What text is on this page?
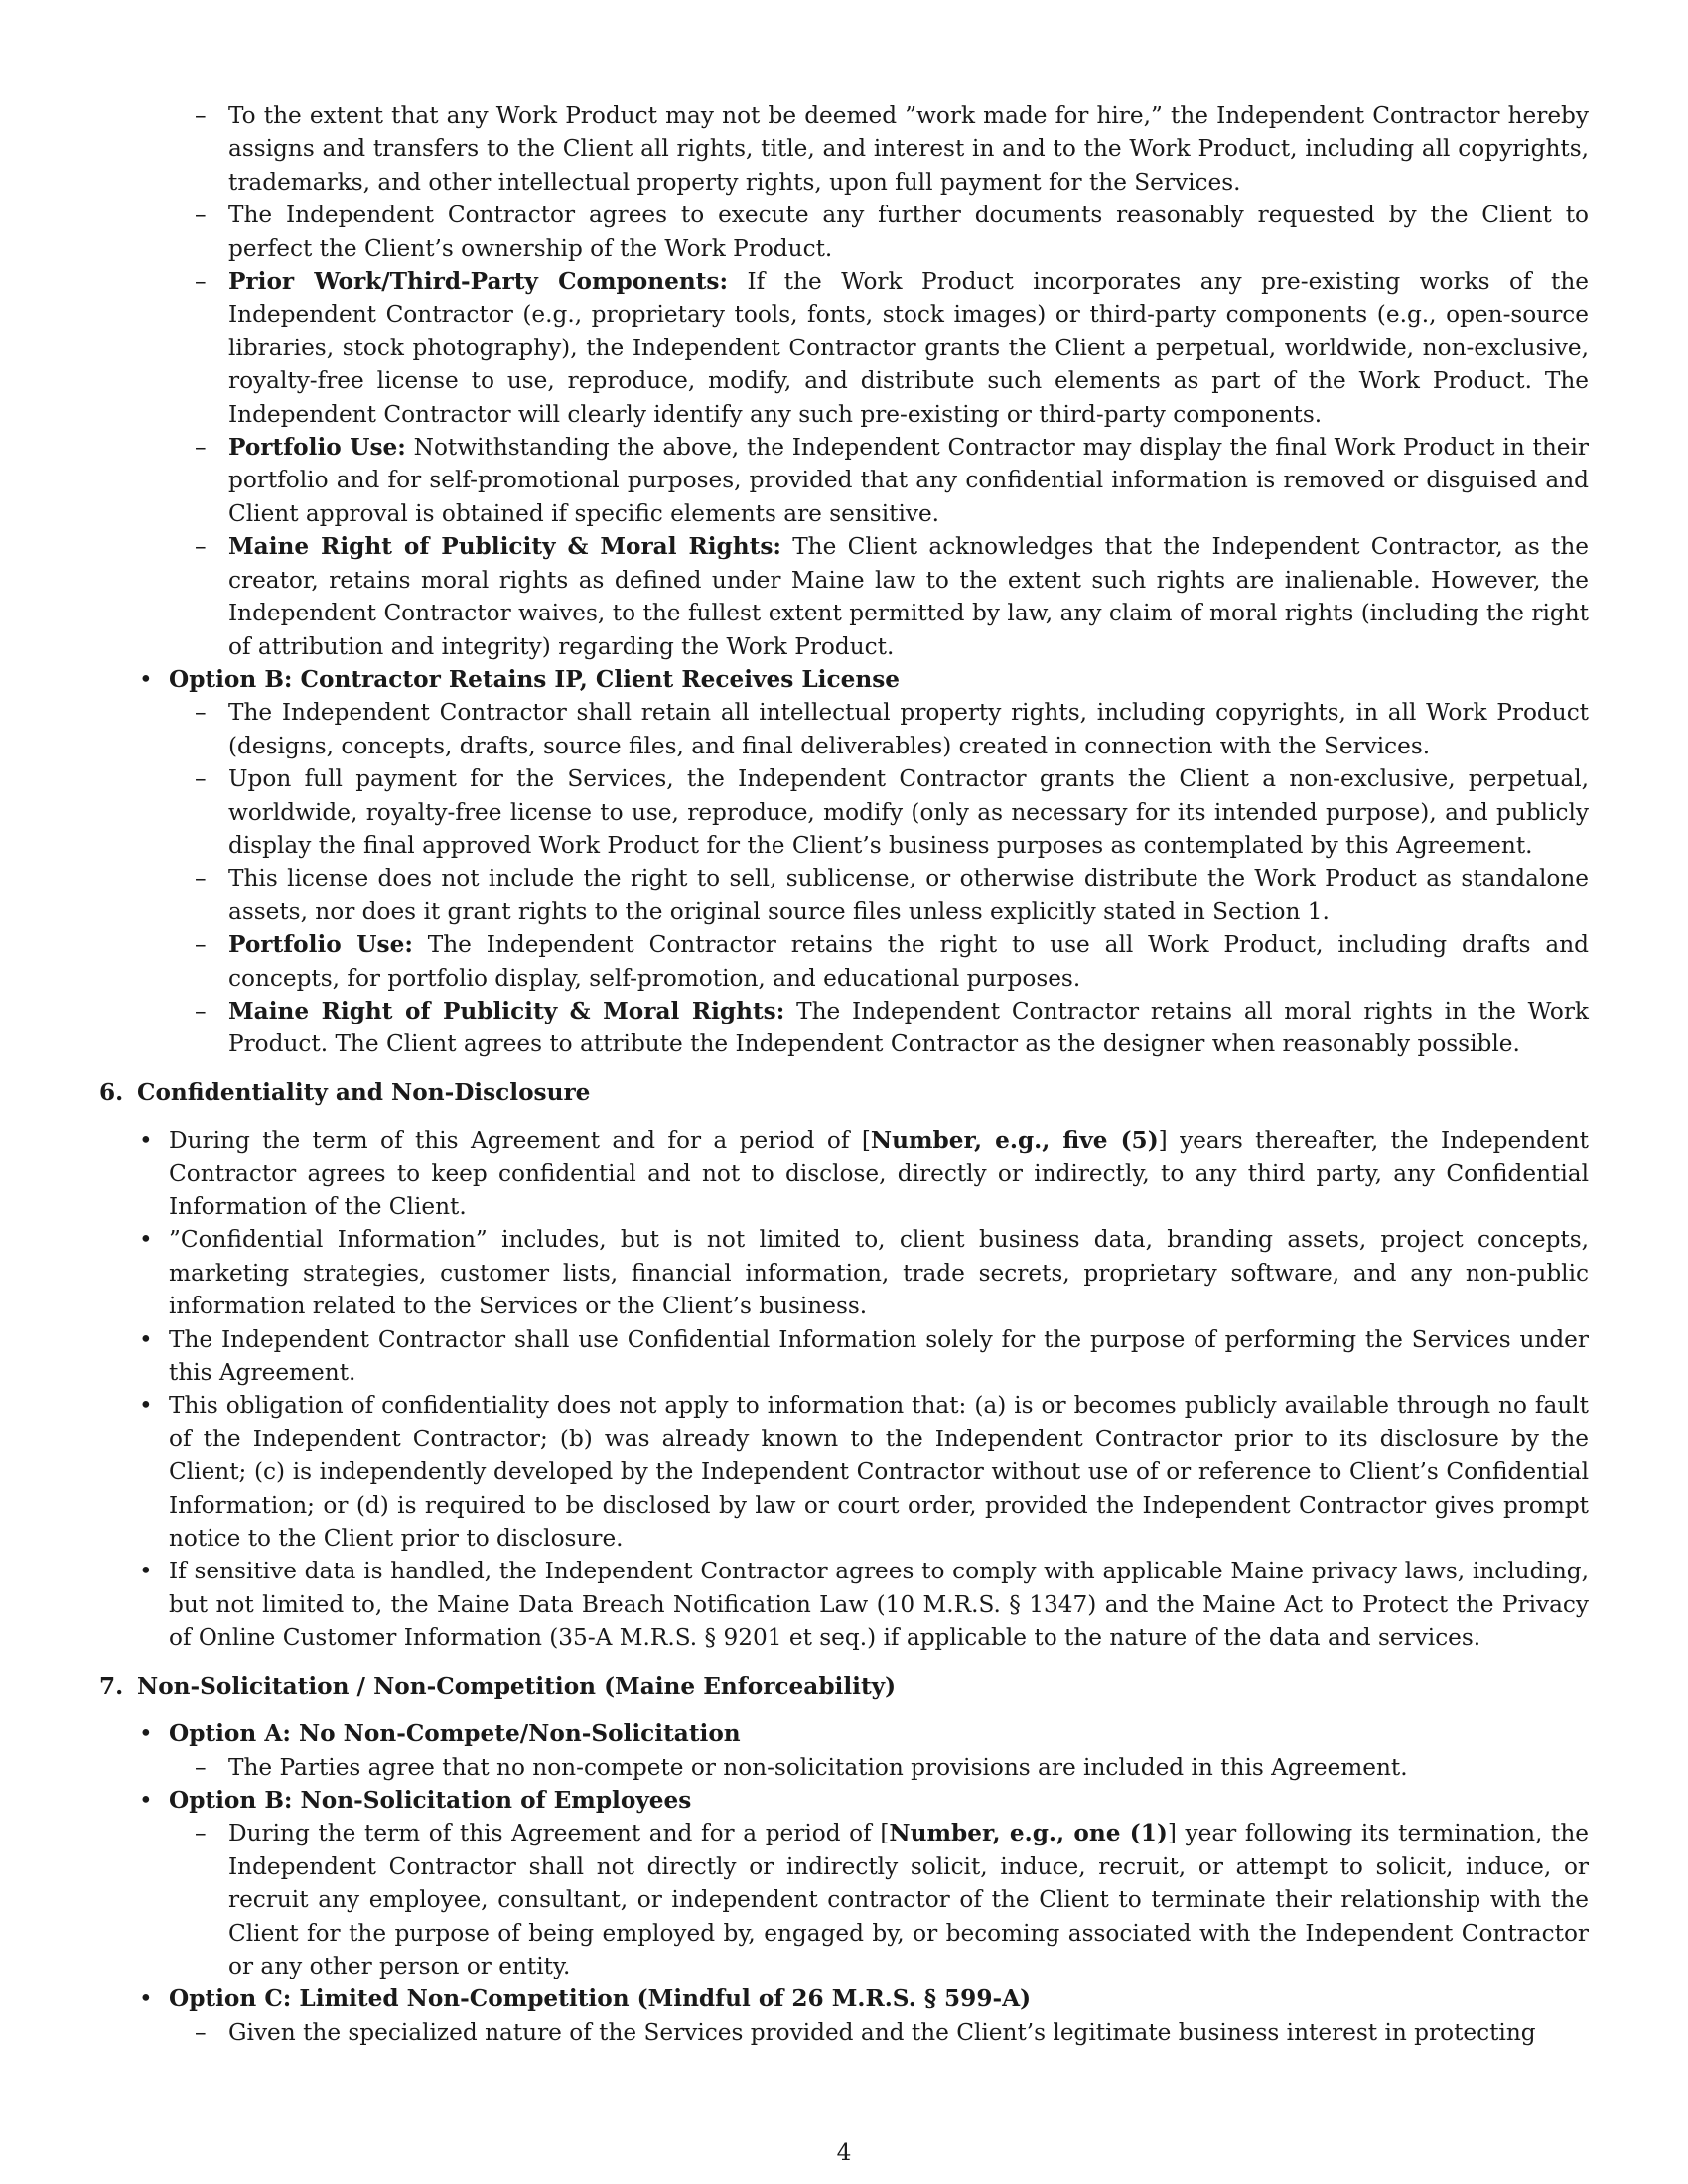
– To the extent that any Work Product may not be deemed ”work made for hire,” the Independent Contractor hereby assigns and transfers to the Client all rights, title, and interest in and to the Work Product, including all copyrights, trademarks, and other intellectual property rights, upon full payment for the Services.

– The Independent Contractor agrees to execute any further documents reasonably requested by the Client to perfect the Client’s ownership of the Work Product.

– Prior Work/Third-Party Components: If the Work Product incorporates any pre-existing works of the Independent Contractor (e.g., proprietary tools, fonts, stock images) or third-party components (e.g., open-source libraries, stock photography), the Independent Contractor grants the Client a perpetual, worldwide, non-exclusive, royalty-free license to use, reproduce, modify, and distribute such elements as part of the Work Product. The Independent Contractor will clearly identify any such pre-existing or third-party components.

– Portfolio Use: Notwithstanding the above, the Independent Contractor may display the final Work Product in their portfolio and for self-promotional purposes, provided that any confidential information is removed or disguised and Client approval is obtained if specific elements are sensitive.

– Maine Right of Publicity & Moral Rights: The Client acknowledges that the Independent Contractor, as the creator, retains moral rights as defined under Maine law to the extent such rights are inalienable. However, the Independent Contractor waives, to the fullest extent permitted by law, any claim of moral rights (including the right of attribution and integrity) regarding the Work Product.

• Option B: Contractor Retains IP, Client Receives License

– The Independent Contractor shall retain all intellectual property rights, including copyrights, in all Work Product (designs, concepts, drafts, source files, and final deliverables) created in connection with the Services.

– Upon full payment for the Services, the Independent Contractor grants the Client a non-exclusive, perpetual, worldwide, royalty-free license to use, reproduce, modify (only as necessary for its intended purpose), and publicly display the final approved Work Product for the Client’s business purposes as contemplated by this Agreement.

– This license does not include the right to sell, sublicense, or otherwise distribute the Work Product as standalone assets, nor does it grant rights to the original source files unless explicitly stated in Section 1.

– Portfolio Use: The Independent Contractor retains the right to use all Work Product, including drafts and concepts, for portfolio display, self-promotion, and educational purposes.

– Maine Right of Publicity & Moral Rights: The Independent Contractor retains all moral rights in the Work Product. The Client agrees to attribute the Independent Contractor as the designer when reasonably possible.

6. Confidentiality and Non-Disclosure

• During the term of this Agreement and for a period of [Number, e.g., five (5)] years thereafter, the Independent Contractor agrees to keep confidential and not to disclose, directly or indirectly, to any third party, any Confidential Information of the Client.

• ”Confidential Information” includes, but is not limited to, client business data, branding assets, project concepts, marketing strategies, customer lists, financial information, trade secrets, proprietary software, and any non-public information related to the Services or the Client’s business.

• The Independent Contractor shall use Confidential Information solely for the purpose of performing the Services under this Agreement.

• This obligation of confidentiality does not apply to information that: (a) is or becomes publicly available through no fault of the Independent Contractor; (b) was already known to the Independent Contractor prior to its disclosure by the Client; (c) is independently developed by the Independent Contractor without use of or reference to Client’s Confidential Information; or (d) is required to be disclosed by law or court order, provided the Independent Contractor gives prompt notice to the Client prior to disclosure.

• If sensitive data is handled, the Independent Contractor agrees to comply with applicable Maine privacy laws, including, but not limited to, the Maine Data Breach Notification Law (10 M.R.S. § 1347) and the Maine Act to Protect the Privacy of Online Customer Information (35-A M.R.S. § 9201 et seq.) if applicable to the nature of the data and services.

7. Non-Solicitation / Non-Competition (Maine Enforceability)

• Option A: No Non-Compete/Non-Solicitation

– The Parties agree that no non-compete or non-solicitation provisions are included in this Agreement.

• Option B: Non-Solicitation of Employees

– During the term of this Agreement and for a period of [Number, e.g., one (1)] year following its termination, the Independent Contractor shall not directly or indirectly solicit, induce, recruit, or attempt to solicit, induce, or recruit any employee, consultant, or independent contractor of the Client to terminate their relationship with the Client for the purpose of being employed by, engaged by, or becoming associated with the Independent Contractor or any other person or entity.

• Option C: Limited Non-Competition (Mindful of 26 M.R.S. § 599-A)

– Given the specialized nature of the Services provided and the Client’s legitimate business interest in protecting

4
